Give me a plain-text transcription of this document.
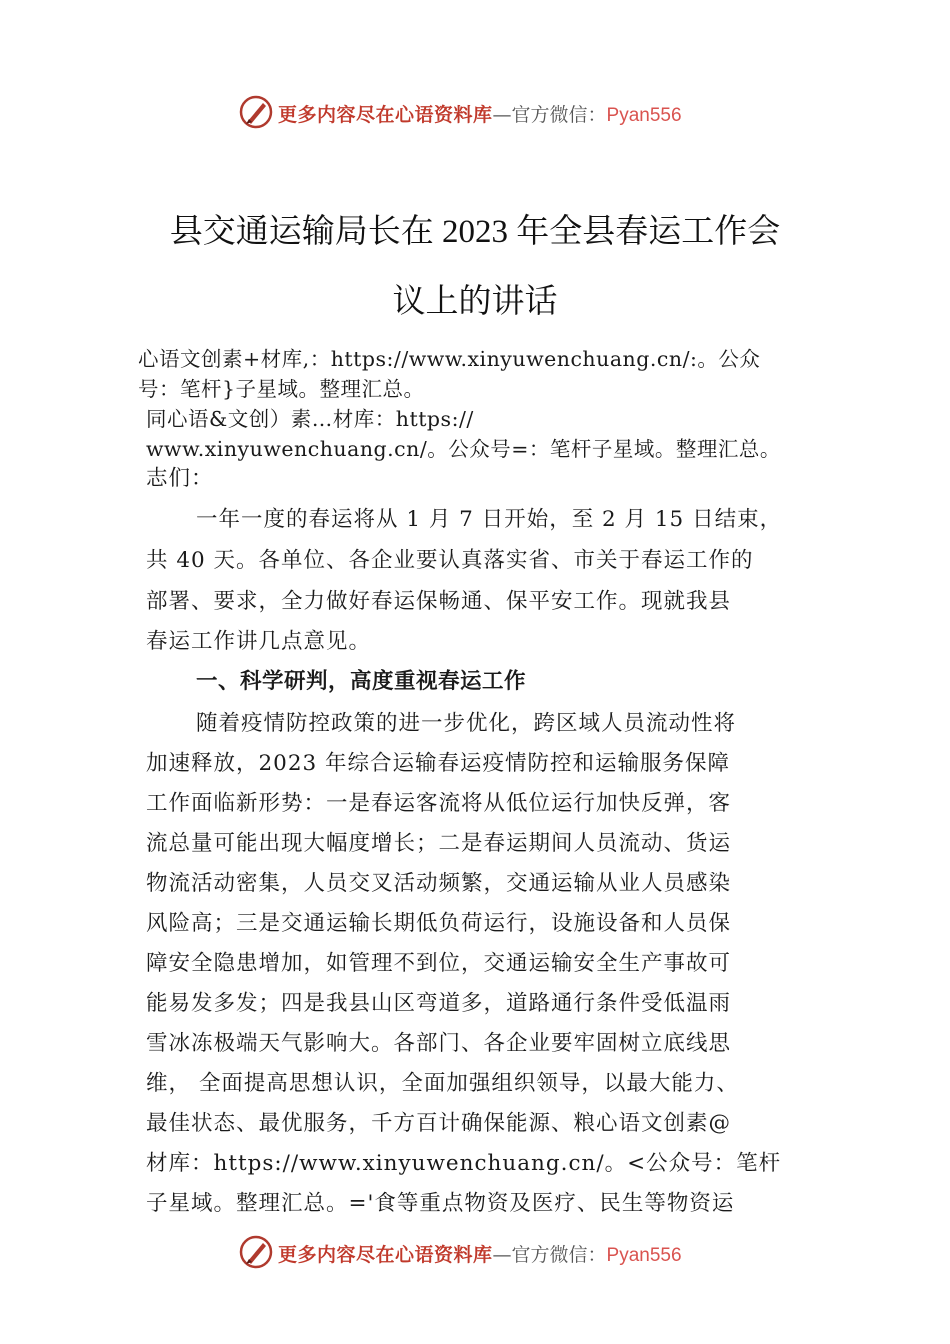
更多内容尽在心语资料库—官方微信：Pyan556
县交通运输局长在 2023 年全县春运工作会
议上的讲话
心语文创素+材库,：https://www.xinyuwenchuang.cn/:。公众
号：笔杆}子星域。整理汇总。
同心语&文创）素…材库：https://
www.xinyuwenchuang.cn/。公众号=：笔杆子星域。整理汇总。
志们：
一年一度的春运将从 1 月 7 日开始，至 2 月 15 日结束，
共 40 天。各单位、各企业要认真落实省、市关于春运工作的
部署、要求，全力做好春运保畅通、保平安工作。现就我县
春运工作讲几点意见。
一、科学研判，高度重视春运工作
随着疫情防控政策的进一步优化，跨区域人员流动性将
加速释放，2023 年综合运输春运疫情防控和运输服务保障
工作面临新形势：一是春运客流将从低位运行加快反弹，客
流总量可能出现大幅度增长；二是春运期间人员流动、货运
物流活动密集，人员交叉活动频繁，交通运输从业人员感染
风险高；三是交通运输长期低负荷运行，设施设备和人员保
障安全隐患增加，如管理不到位，交通运输安全生产事故可
能易发多发；四是我县山区弯道多，道路通行条件受低温雨
雪冰冻极端天气影响大。各部门、各企业要牢固树立底线思
维， 全面提高思想认识，全面加强组织领导，以最大能力、
最佳状态、最优服务，千方百计确保能源、粮心语文创素@
材库：https://www.xinyuwenchuang.cn/。<公众号：笔杆
子星域。整理汇总。='食等重点物资及医疗、民生等物资运
更多内容尽在心语资料库—官方微信：Pyan556
